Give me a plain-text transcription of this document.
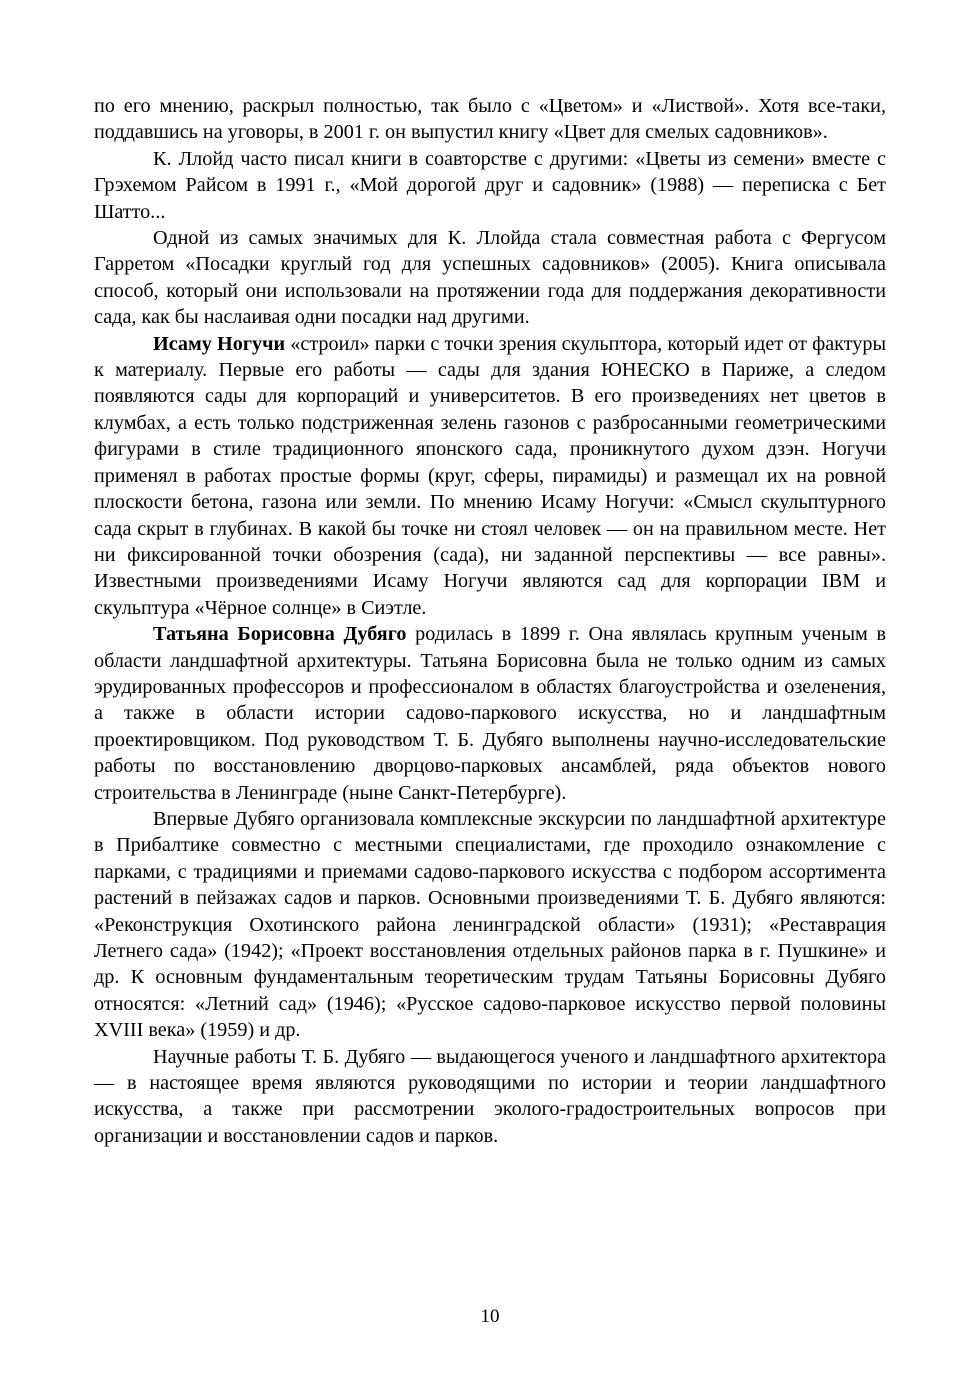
по его мнению, раскрыл полностью, так было с «Цветом» и «Листвой». Хотя все-таки, поддавшись на уговоры, в 2001 г. он выпустил книгу «Цвет для смелых садовников».

К. Ллойд часто писал книги в соавторстве с другими: «Цветы из семени» вместе с Грэхемом Райсом в 1991 г., «Мой дорогой друг и садовник» (1988) — переписка с Бет Шатто...

Одной из самых значимых для К. Ллойда стала совместная работа с Фергусом Гарретом «Посадки круглый год для успешных садовников» (2005). Книга описывала способ, который они использовали на протяжении года для поддержания декоративности сада, как бы наслаивая одни посадки над другими.

Исаму Ногучи «строил» парки с точки зрения скульптора, который идет от фактуры к материалу. Первые его работы — сады для здания ЮНЕСКО в Париже, а следом появляются сады для корпораций и университетов. В его произведениях нет цветов в клумбах, а есть только подстриженная зелень газонов с разбросанными геометрическими фигурами в стиле традиционного японского сада, проникнутого духом дзэн. Ногучи применял в работах простые формы (круг, сферы, пирамиды) и размещал их на ровной плоскости бетона, газона или земли. По мнению Исаму Ногучи: «Смысл скульптурного сада скрыт в глубинах. В какой бы точке ни стоял человек — он на правильном месте. Нет ни фиксированной точки обозрения (сада), ни заданной перспективы — все равны». Известными произведениями Исаму Ногучи являются сад для корпорации IBM и скульптура «Чёрное солнце» в Сиэтле.

Татьяна Борисовна Дубяго родилась в 1899 г. Она являлась крупным ученым в области ландшафтной архитектуры. Татьяна Борисовна была не только одним из самых эрудированных профессоров и профессионалом в областях благоустройства и озеленения, а также в области истории садово-паркового искусства, но и ландшафтным проектировщиком. Под руководством Т. Б. Дубяго выполнены научно-исследовательские работы по восстановлению дворцово-парковых ансамблей, ряда объектов нового строительства в Ленинграде (ныне Санкт-Петербурге).

Впервые Дубяго организовала комплексные экскурсии по ландшафтной архитектуре в Прибалтике совместно с местными специалистами, где проходило ознакомление с парками, с традициями и приемами садово-паркового искусства с подбором ассортимента растений в пейзажах садов и парков. Основными произведениями Т. Б. Дубяго являются: «Реконструкция Охотинского района ленинградской области» (1931); «Реставрация Летнего сада» (1942); «Проект восстановления отдельных районов парка в г. Пушкине» и др. К основным фундаментальным теоретическим трудам Татьяны Борисовны Дубяго относятся: «Летний сад» (1946); «Русское садово-парковое искусство первой половины XVIII века» (1959) и др.

Научные работы Т. Б. Дубяго — выдающегося ученого и ландшафтного архитектора — в настоящее время являются руководящими по истории и теории ландшафтного искусства, а также при рассмотрении эколого-градостроительных вопросов при организации и восстановлении садов и парков.

10
